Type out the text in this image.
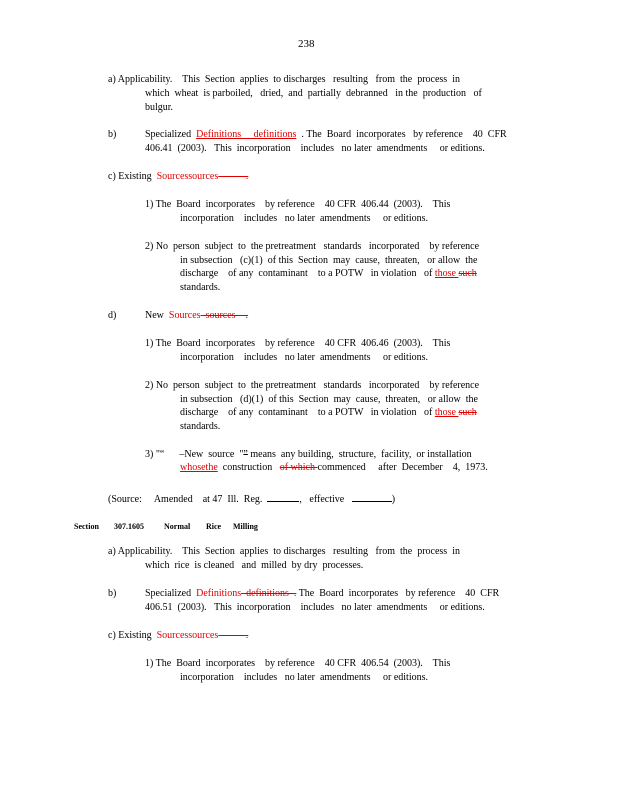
238
a) Applicability.    This  Section  applies  to discharges   resulting   from  the  process  in
which  wheat  is parboiled,   dried,  and  partially  debranned   in the  production   of
bulgur.
b)	Specialized  Definitions     definitions  . The  Board  incorporates   by reference    40  CFR
406.41  (2003).   This  incorporation    includes   no later  amendments     or editions.
c) Existing  Sourcessources           .
1) The  Board  incorporates    by reference    40 CFR  406.44  (2003).    This
incorporation    includes   no later  amendments     or editions.
2) No  person  subject  to  the pretreatment   standards   incorporated    by reference
in subsection   (c)(1)  of this  Section  may  cause,  threaten,   or allow  the
discharge    of any  contaminant    to a POTW   in violation   of those such
standards.
d)	New  Sources  sources    .
1) The  Board  incorporates    by reference    40 CFR  406.46  (2003).    This
incorporation    includes   no later  amendments     or editions.
2) No  person  subject  to  the pretreatment   standards   incorporated    by reference
in subsection   (d)(1)  of this  Section  may  cause,  threaten,   or allow  the
discharge    of any  contaminant    to a POTW   in violation   of those such
standards.
3) "“      –New  source  "” means  any building,  structure,  facility,  or installation
whosethe  construction   of which commenced     after  December    4,  1973.
(Source:     Amended    at 47  Ill.  Reg.	,   effective	)
Section 307.1605	Normal Rice Milling
a) Applicability.    This  Section  applies  to discharges   resulting   from  the  process  in
which  rice  is cleaned   and  milled  by dry  processes.
b)	Specialized  Definitions  definitions  . The  Board  incorporates   by reference    40  CFR
406.51  (2003).   This  incorporation    includes   no later  amendments     or editions.
c) Existing  Sourcessources           .
1) The  Board  incorporates    by reference    40 CFR  406.54  (2003).    This
incorporation    includes   no later  amendments     or editions.
